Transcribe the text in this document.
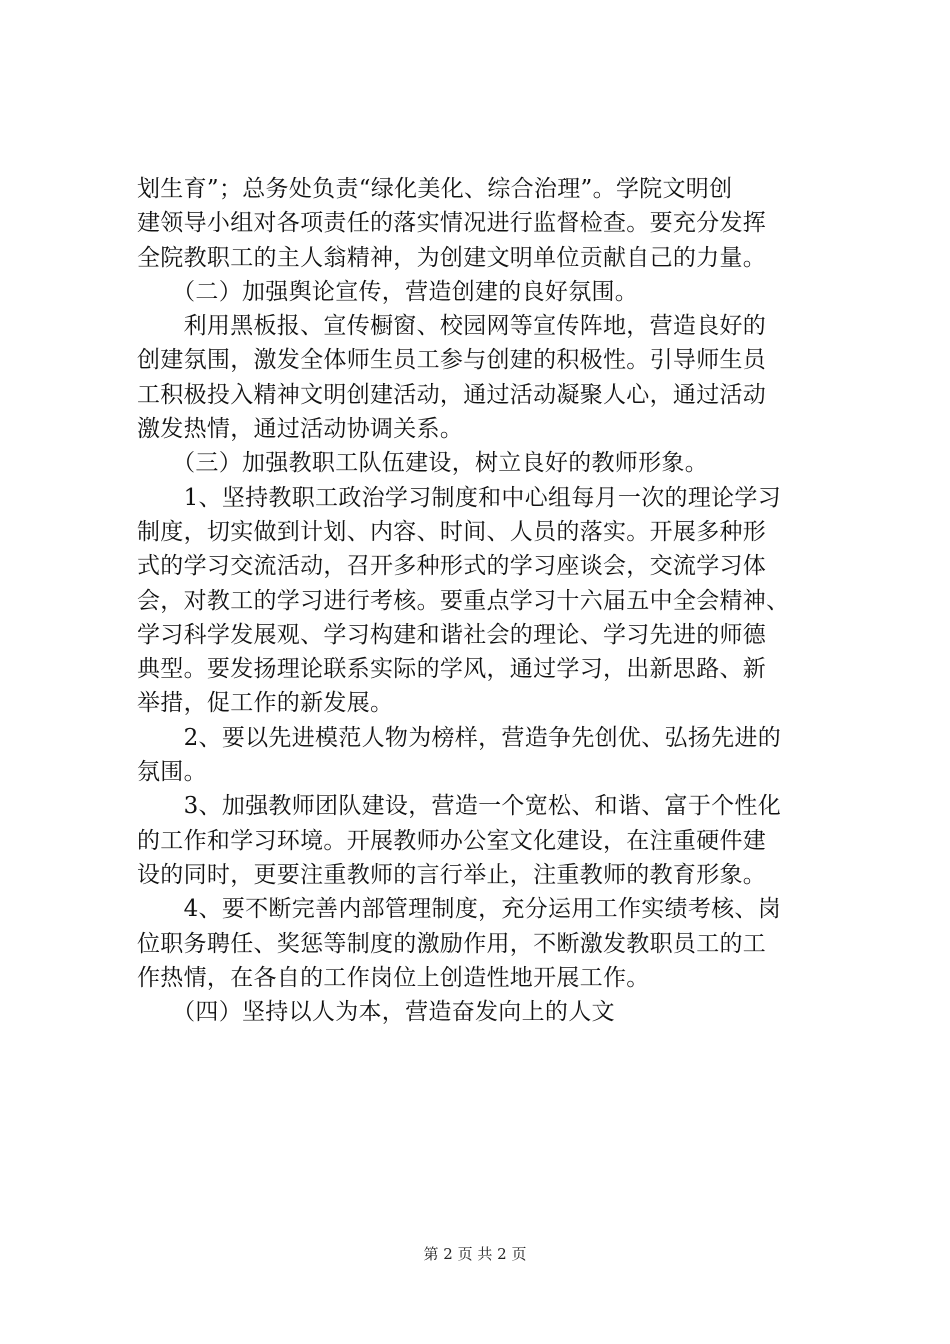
划生育”；总务处负责“绿化美化、综合治理”。学院文明创
建领导小组对各项责任的落实情况进行监督检查。要充分发挥
全院教职工的主人翁精神，为创建文明单位贡献自己的力量。
　　（二）加强舆论宣传，营造创建的良好氛围。
　　利用黑板报、宣传橱窗、校园网等宣传阵地，营造良好的
创建氛围，激发全体师生员工参与创建的积极性。引导师生员
工积极投入精神文明创建活动，通过活动凝聚人心，通过活动
激发热情，通过活动协调关系。
　　（三）加强教职工队伍建设，树立良好的教师形象。
　　1、坚持教职工政治学习制度和中心组每月一次的理论学习
制度，切实做到计划、内容、时间、人员的落实。开展多种形
式的学习交流活动，召开多种形式的学习座谈会，交流学习体
会，对教工的学习进行考核。要重点学习十六届五中全会精神、
学习科学发展观、学习构建和谐社会的理论、学习先进的师德
典型。要发扬理论联系实际的学风，通过学习，出新思路、新
举措，促工作的新发展。
　　2、要以先进模范人物为榜样，营造争先创优、弘扬先进的
氛围。
　　3、加强教师团队建设，营造一个宽松、和谐、富于个性化
的工作和学习环境。开展教师办公室文化建设，在注重硬件建
设的同时，更要注重教师的言行举止，注重教师的教育形象。
　　4、要不断完善内部管理制度，充分运用工作实绩考核、岗
位职务聘任、奖惩等制度的激励作用，不断激发教职员工的工
作热情，在各自的工作岗位上创造性地开展工作。
　　（四）坚持以人为本，营造奋发向上的人文
第 2 页 共 2 页
